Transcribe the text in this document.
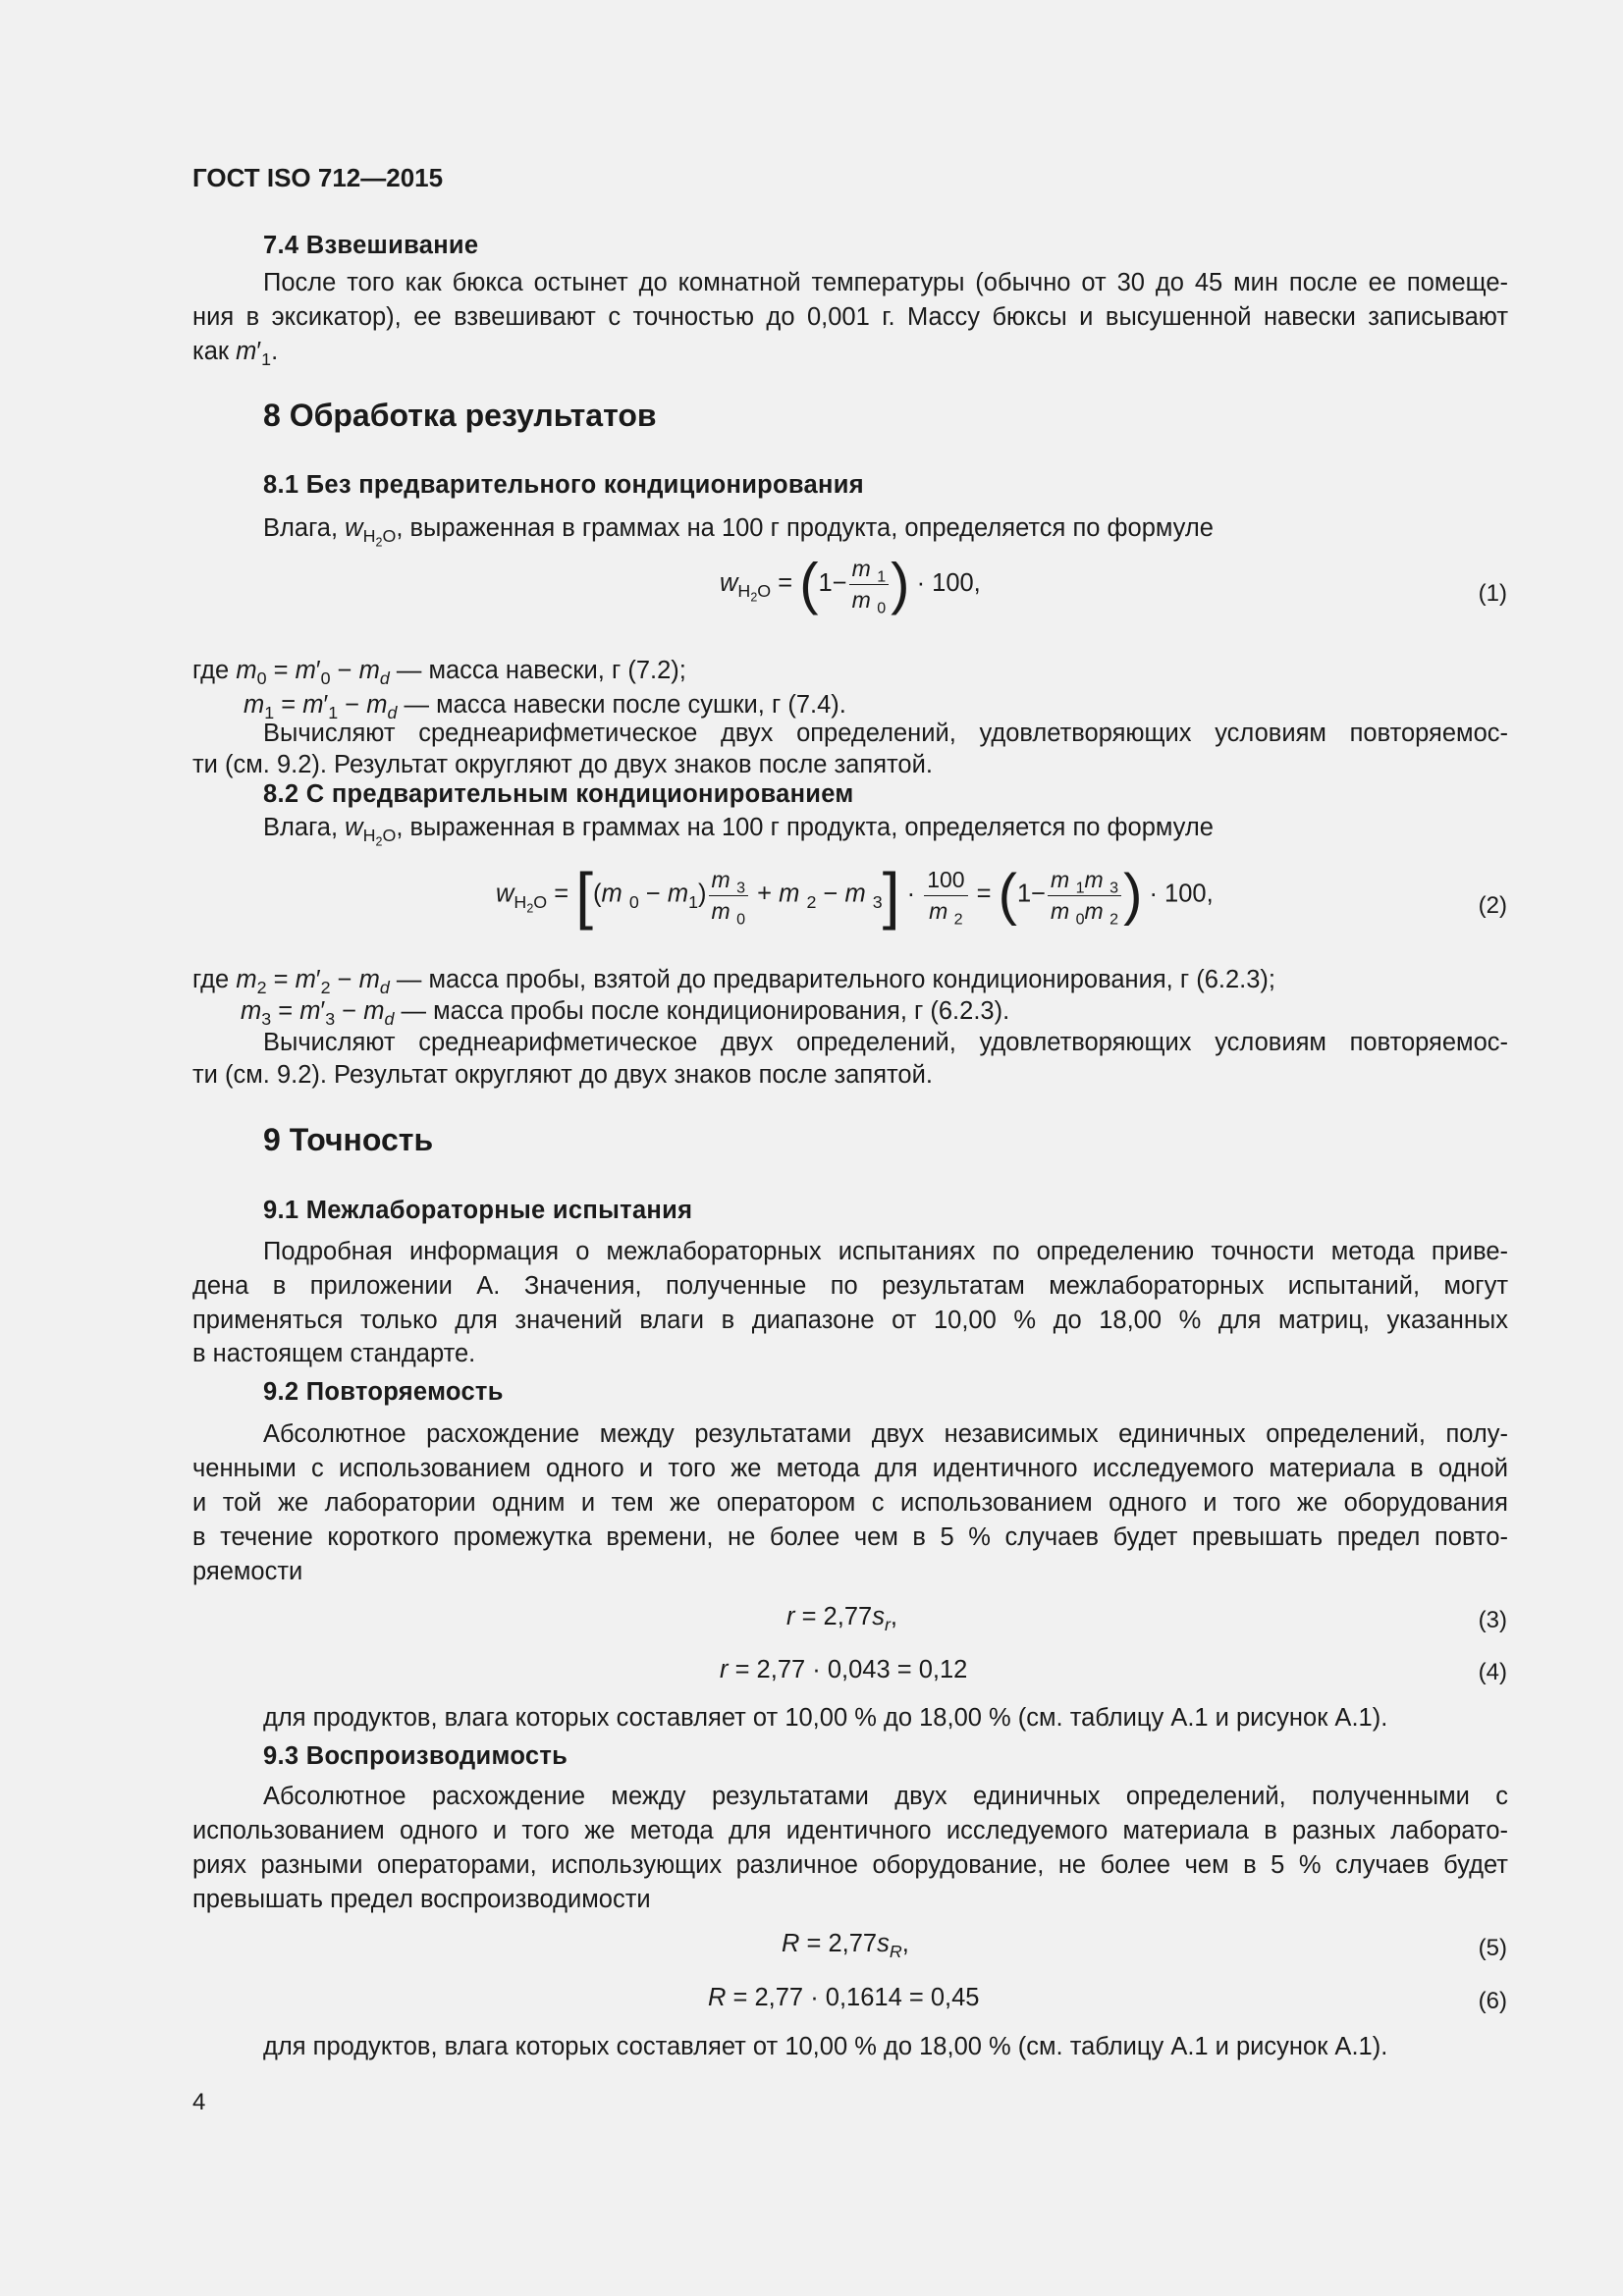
ГОСТ ISO 712—2015
7.4 Взвешивание
После того как бюкса остынет до комнатной температуры (обычно от 30 до 45 мин после ее помеще-
ния в эксикатор), ее взвешивают с точностью до 0,001 г. Массу бюксы и высушенной навески записывают
как $m'_1$.
8 Обработка результатов
8.1 Без предварительного кондиционирования
Влага, $w_{H_2O}$, выраженная в граммах на 100 г продукта, определяется по формуле
$w_{H_2O} = (1- \frac{m _1}{m _0}$ ) · 100,	(1)
где $m_0 = m'_0 - m_d$ — масса навески, г (7.2);
$m_1 = m'_1 - m_d$ — масса навески после сушки, г (7.4).
Вычисляют среднеарифметическое двух определений, удовлетворяющих условиям повторяемос-
ти (см. 9.2). Результат округляют до двух знаков после запятой.
8.2 С предварительным кондиционированием
Влага, $w_{H_2O}$, выраженная в граммах на 100 г продукта, определяется по формуле
$w_{H_2O} = [(m$ $_0 - m_1) \frac{m _3}{m _0} + m$ $_2$ − m $_3] \cdot \frac{100}{m _2} = (1- \frac{m _1m _3}{m _0m _2}$ ) · 100,	(2)
где $m_2 = m'_2 - m_d$ — масса пробы, взятой до предварительного кондиционирования, г (6.2.3);
$m_3 = m'_3 - m_d$ — масса пробы после кондиционирования, г (6.2.3).
Вычисляют среднеарифметическое двух определений, удовлетворяющих условиям повторяемос-
ти (см. 9.2). Результат округляют до двух знаков после запятой.
9 Точность
9.1 Межлабораторные испытания
Подробная информация о межлабораторных испытаниях по определению точности метода приве-
дена в приложении А. Значения, полученные по результатам межлабораторных испытаний, могут
применяться только для значений влаги в диапазоне от 10,00 % до 18,00 % для матриц, указанных
в настоящем стандарте.
9.2 Повторяемость
Абсолютное расхождение между результатами двух независимых единичных определений, полу-
ченными с использованием одного и того же метода для идентичного исследуемого материала в одной
и той же лаборатории одним и тем же оператором с использованием одного и того же оборудования
в течение короткого промежутка времени, не более чем в 5 % случаев будет превышать предел повто-
ряемости
$r = 2,77s_r$,	(3)
r = 2,77 · 0,043 = 0,12	(4)
для продуктов, влага которых составляет от 10,00 % до 18,00 % (см. таблицу А.1 и рисунок А.1).
9.3 Воспроизводимость
Абсолютное расхождение между результатами двух единичных определений, полученными с
использованием одного и того же метода для идентичного исследуемого материала в разных лаборато-
риях разными операторами, использующих различное оборудование, не более чем в 5 % случаев будет
превышать предел воспроизводимости
$R = 2,77s_R$,	(5)
R = 2,77 · 0,1614 = 0,45	(6)
для продуктов, влага которых составляет от 10,00 % до 18,00 % (см. таблицу А.1 и рисунок А.1).
4
